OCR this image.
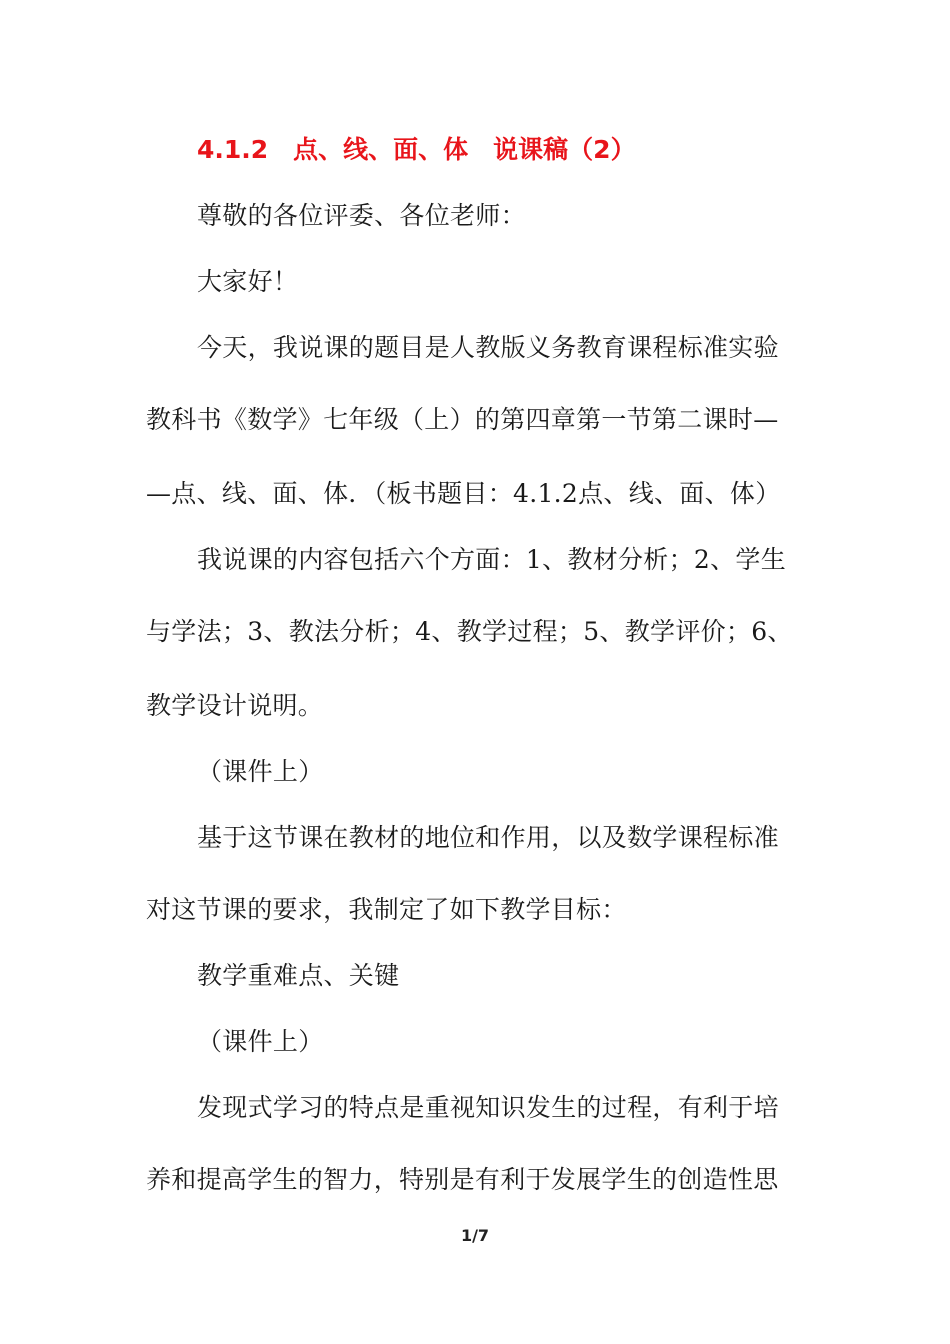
4.1.2　点、线、面、体　说课稿（2）
尊敬的各位评委、各位老师：
大家好！
今天，我说课的题目是人教版义务教育课程标准实验
教科书《数学》七年级（上）的第四章第一节第二课时—
—点、线、面、体．（板书题目：4.1.2点、线、面、体）
我说课的内容包括六个方面：1、教材分析；2、学生
与学法；3、教法分析；4、教学过程；5、教学评价；6、
教学设计说明。
（课件上）
基于这节课在教材的地位和作用，以及数学课程标准
对这节课的要求，我制定了如下教学目标：
教学重难点、关键
（课件上）
发现式学习的特点是重视知识发生的过程，有利于培
养和提高学生的智力，特别是有利于发展学生的创造性思
1/7
